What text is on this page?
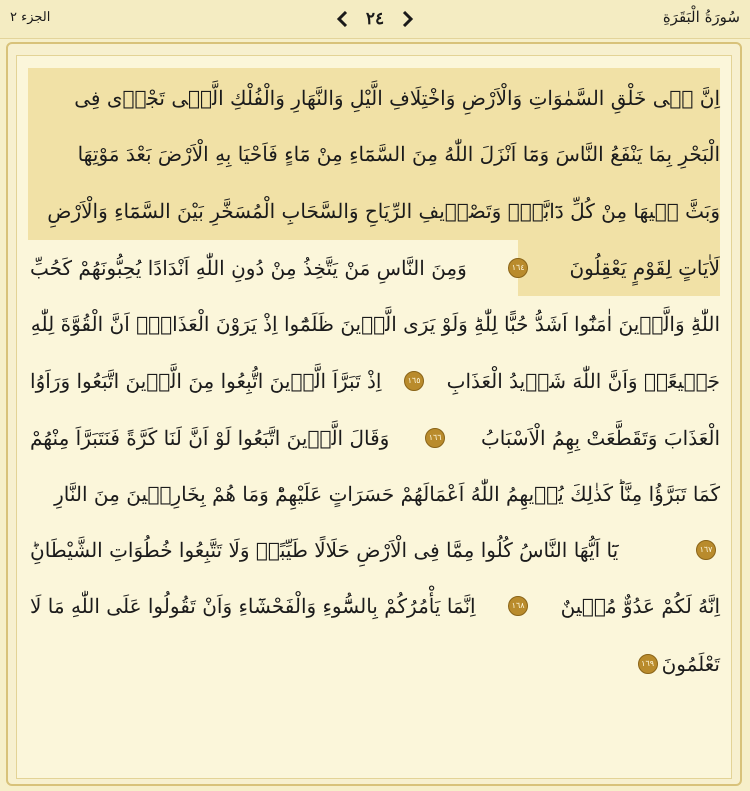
الجزء ٢	٢٤	سُورَةُ الْبَقَرَةِ
اِنَّ فٖى خَلْقِ السَّمٰوَاتِ وَالْاَرْضِ وَاخْتِلَافِ الَّيْلِ وَالنَّهَارِ وَالْفُلْكِ الَّتٖى تَجْرٖى فِى
الْبَحْرِ بِمَا يَنْفَعُ النَّاسَ وَمَٓا اَنْزَلَ اللّٰهُ مِنَ السَّمَٓاءِ مِنْ مَٓاءٍ فَاَحْيَا بِهِ الْاَرْضَ بَعْدَ مَوْتِهَا
وَبَثَّ فٖيهَا مِنْ كُلِّ دَٓابَّةٍۖ وَتَصْرٖيفِ الرِّيَاحِ وَالسَّحَابِ الْمُسَخَّرِ بَيْنَ السَّمَٓاءِ وَالْاَرْضِ
لَاٰيَاتٍ لِقَوْمٍ يَعْقِلُونَ
١٦٤
وَمِنَ النَّاسِ مَنْ يَتَّخِذُ مِنْ دُونِ اللّٰهِ اَنْدَادًا يُحِبُّونَهُمْ كَحُبِّ
اللّٰهِؕ وَالَّذٖينَ اٰمَنُٓوا اَشَدُّ حُبًّا لِلّٰهِؕ وَلَوْ يَرَى الَّذٖينَ ظَلَمُٓوا اِذْ يَرَوْنَ الْعَذَابَۙ اَنَّ الْقُوَّةَ لِلّٰهِ
جَمٖيعًاۙ وَاَنَّ اللّٰهَ شَدٖيدُ الْعَذَابِ
١٦٥
اِذْ تَبَرَّاَ الَّذٖينَ اتُّبِعُوا مِنَ الَّذٖينَ اتَّبَعُوا وَرَاَوُا
الْعَذَابَ وَتَقَطَّعَتْ بِهِمُ الْاَسْبَابُ
١٦٦
وَقَالَ الَّذٖينَ اتَّبَعُوا لَوْ اَنَّ لَنَا كَرَّةً فَنَتَبَرَّاَ مِنْهُمْ
كَمَا تَبَرَّؤُا مِنَّاؕ كَذٰلِكَ يُرٖيهِمُ اللّٰهُ اَعْمَالَهُمْ حَسَرَاتٍ عَلَيْهِمْؕ وَمَا هُمْ بِخَارِجٖينَ مِنَ النَّارِ
١٦٧
يَٓا اَيُّهَا النَّاسُ كُلُوا مِمَّا فِى الْاَرْضِ حَلَالًا طَيِّبًاۘ وَلَا تَتَّبِعُوا خُطُوَاتِ الشَّيْطَانِؕ
اِنَّهُ لَكُمْ عَدُوٌّ مُبٖينٌ
١٦٨
اِنَّمَا يَأْمُرُكُمْ بِالسُّٓوءِ وَالْفَحْشَٓاءِ وَاَنْ تَقُولُوا عَلَى اللّٰهِ مَا لَا
تَعْلَمُونَ
١٦٩
